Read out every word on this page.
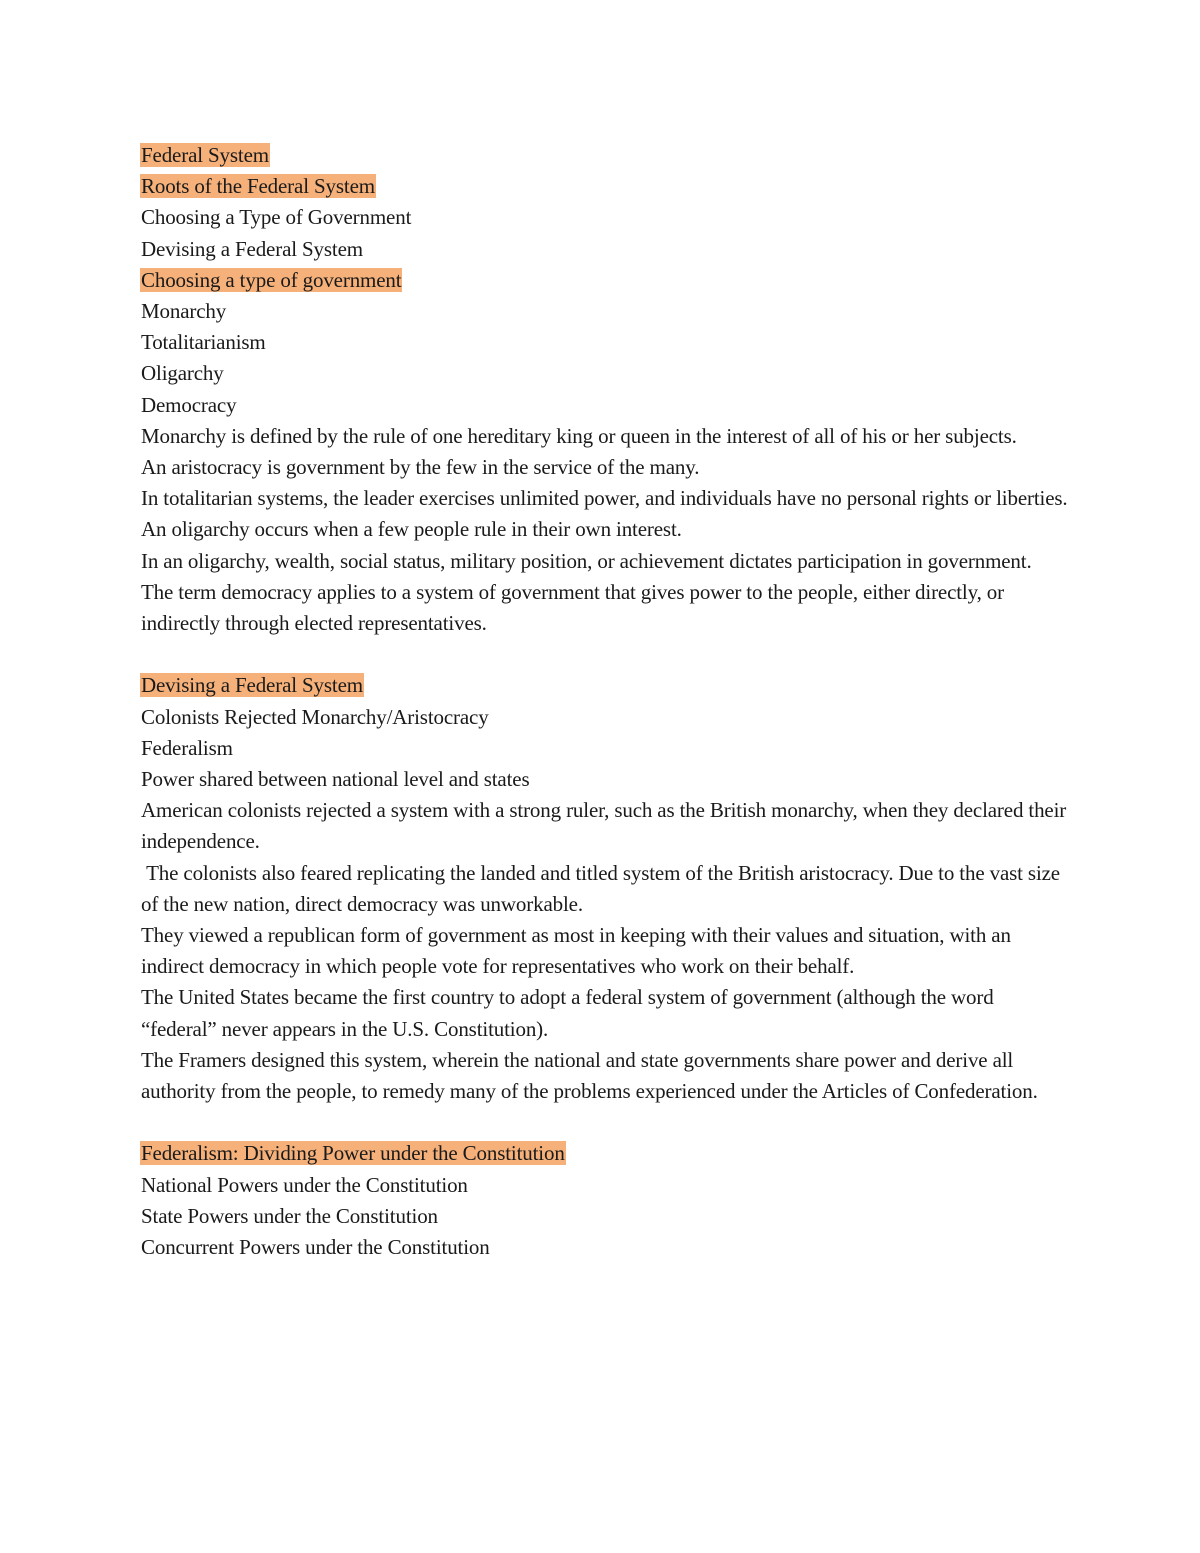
Federal System
Roots of the Federal System
Choosing a Type of Government
Devising a Federal System
Choosing a type of government
Monarchy
Totalitarianism
Oligarchy
Democracy
Monarchy is defined by the rule of one hereditary king or queen in the interest of all of his or her subjects.
An aristocracy is government by the few in the service of the many.
In totalitarian systems, the leader exercises unlimited power, and individuals have no personal rights or liberties.
An oligarchy occurs when a few people rule in their own interest.
In an oligarchy, wealth, social status, military position, or achievement dictates participation in government.
The term democracy applies to a system of government that gives power to the people, either directly, or indirectly through elected representatives.
Devising a Federal System
Colonists Rejected Monarchy/Aristocracy
Federalism
Power shared between national level and states
American colonists rejected a system with a strong ruler, such as the British monarchy, when they declared their independence.
The colonists also feared replicating the landed and titled system of the British aristocracy. Due to the vast size of the new nation, direct democracy was unworkable.
They viewed a republican form of government as most in keeping with their values and situation, with an indirect democracy in which people vote for representatives who work on their behalf.
The United States became the first country to adopt a federal system of government (although the word “federal” never appears in the U.S. Constitution).
The Framers designed this system, wherein the national and state governments share power and derive all authority from the people, to remedy many of the problems experienced under the Articles of Confederation.
Federalism: Dividing Power under the Constitution
National Powers under the Constitution
State Powers under the Constitution
Concurrent Powers under the Constitution
